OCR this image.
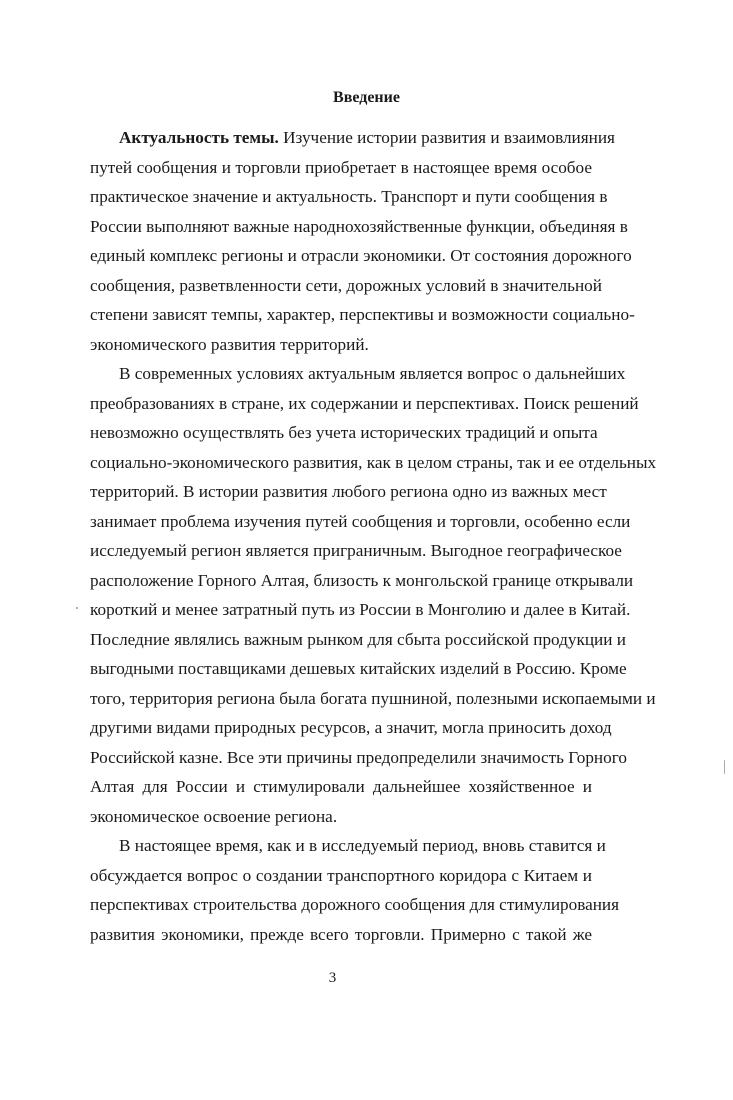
Введение
Актуальность темы. Изучение истории развития и взаимовлияния
путей сообщения и торговли приобретает в настоящее время особое
практическое значение и актуальность. Транспорт и пути сообщения в
России выполняют важные народнохозяйственные функции, объединяя в
единый комплекс регионы и отрасли экономики. От состояния дорожного
сообщения, разветвленности сети, дорожных условий в значительной
степени зависят темпы, характер, перспективы и возможности социально-
экономического развития территорий.
В современных условиях актуальным является вопрос о дальнейших
преобразованиях в стране, их содержании и перспективах. Поиск решений
невозможно осуществлять без учета исторических традиций и опыта
социально-экономического развития, как в целом страны, так и ее отдельных
территорий. В истории развития любого региона одно из важных мест
занимает проблема изучения путей сообщения и торговли, особенно если
исследуемый регион является приграничным. Выгодное географическое
расположение Горного Алтая, близость к монгольской границе открывали
короткий и менее затратный путь из России в Монголию и далее в Китай.
Последние являлись важным рынком для сбыта российской продукции и
выгодными поставщиками дешевых китайских изделий в Россию. Кроме
того, территория региона была богата пушниной, полезными ископаемыми и
другими видами природных ресурсов, а значит, могла приносить доход
Российской казне. Все эти причины предопределили значимость Горного
Алтая для России и стимулировали дальнейшее хозяйственное и
экономическое освоение региона.
В настоящее время, как и в исследуемый период, вновь ставится и
обсуждается вопрос о создании транспортного коридора с Китаем и
перспективах строительства дорожного сообщения для стимулирования
развития экономики, прежде всего торговли. Примерно с такой же
3
